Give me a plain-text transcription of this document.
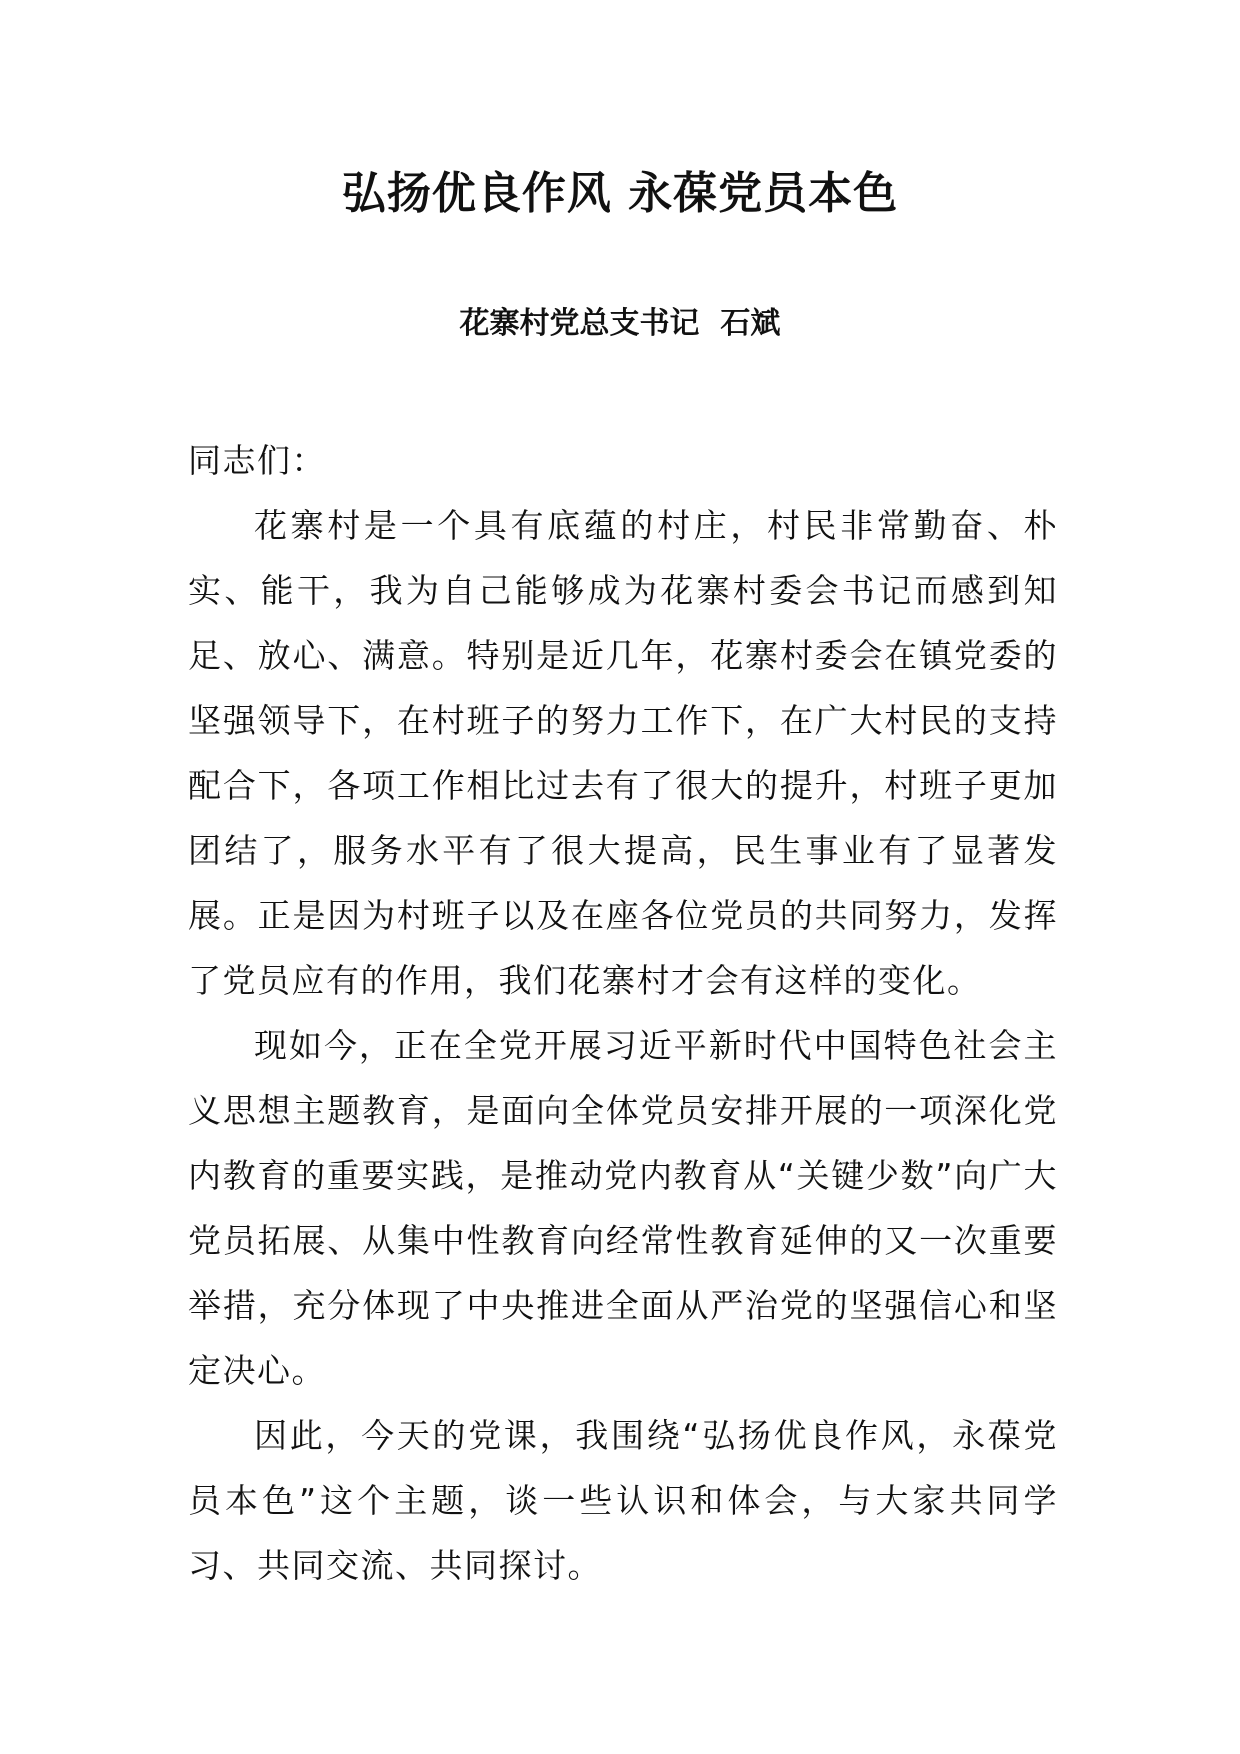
弘扬优良作风 永葆党员本色
花寨村党总支书记  石斌

同志们：

花寨村是一个具有底蕴的村庄，村民非常勤奋、朴实、能干，我为自己能够成为花寨村委会书记而感到知足、放心、满意。特别是近几年，花寨村委会在镇党委的坚强领导下，在村班子的努力工作下，在广大村民的支持配合下，各项工作相比过去有了很大的提升，村班子更加团结了，服务水平有了很大提高，民生事业有了显著发展。正是因为村班子以及在座各位党员的共同努力，发挥了党员应有的作用，我们花寨村才会有这样的变化。

现如今，正在全党开展习近平新时代中国特色社会主义思想主题教育，是面向全体党员安排开展的一项深化党内教育的重要实践，是推动党内教育从“关键少数”向广大党员拓展、从集中性教育向经常性教育延伸的又一次重要举措，充分体现了中央推进全面从严治党的坚强信心和坚定决心。

因此，今天的党课，我围绕“弘扬优良作风，永葆党员本色”这个主题，谈一些认识和体会，与大家共同学习、共同交流、共同探讨。
